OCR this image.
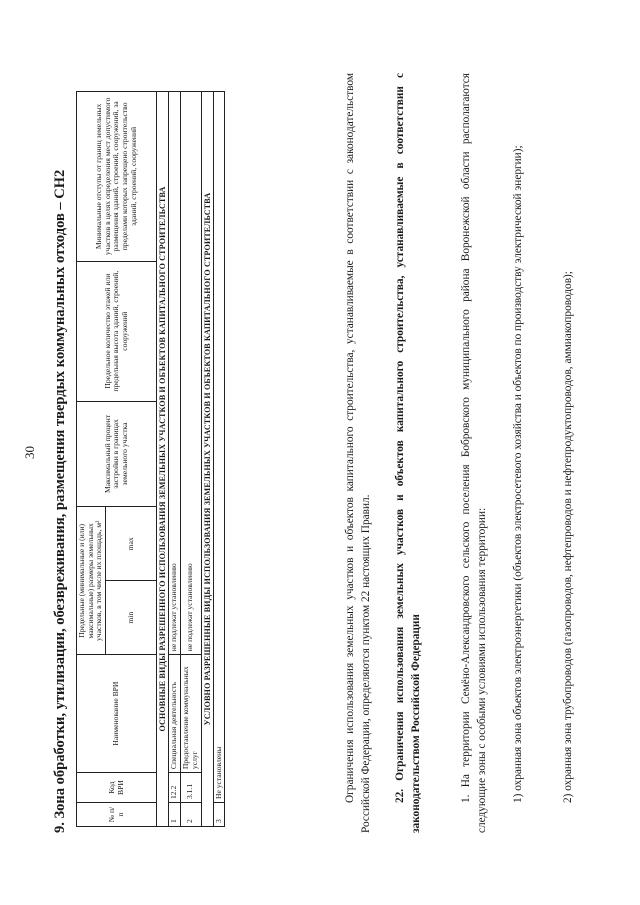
30 9. Зона обработки, утилизации, обезвреживания, размещения твердых коммунальных отходов – СН2	№ п/п	Код ВРИ	Наименование ВРИ	Предельные (минимальные и (или) максимальные) размеры земельных участков, в том числе их площадь, м²		Максимальный процент застройки в границах земельного участка	Предельное количество этажей или предельная высота зданий, строений, сооружений	Минимальные отступы от границ земельных участков в целях определения мест допустимого размещения зданий, строений, сооружений, за пределами которых запрещено строительство зданий, строений, сооружений
			min	max			
ОСНОВНЫЕ ВИДЫ РАЗРЕШЕННОГО ИСПОЛЬЗОВАНИЯ ЗЕМЕЛЬНЫХ УЧАСТКОВ И ОБЪЕКТОВ КАПИТАЛЬНОГО СТРОИТЕЛЬСТВА							
1	12.2	Специальная деятельность	не подлежат установлению				
2	3.1.1	Предоставление коммунальных услуг	не подлежат установлению				
УСЛОВНО РАЗРЕШЕННЫЕ ВИДЫ ИСПОЛЬЗОВАНИЯ ЗЕМЕЛЬНЫХ УЧАСТКОВ И ОБЪЕКТОВ КАПИТАЛЬНОГО СТРОИТЕЛЬСТВА							
3	Не установлены							Ограничения использования земельных участков и объектов капитального строительства, устанавливаемые в соответствии с законодательством Российской Федерации, определяются пунктом 22 настоящих Правил. 22. Ограничения использования земельных участков и объектов капитального строительства, устанавливаемые в соответствии с законодательством Российской Федерации	1. На территории Семёно-Александровского сельского поселения Бобровского муниципального района Воронежской области располагаются следующие зоны с особыми условиями использования территории: 1) охранная зона объектов электроэнергетики (объектов электросетевого хозяйства и объектов по производству электрической энергии);	2) охранная зона трубопроводов (газопроводов, нефтепроводов и нефтепродуктопроводов, аммиакопроводов);
